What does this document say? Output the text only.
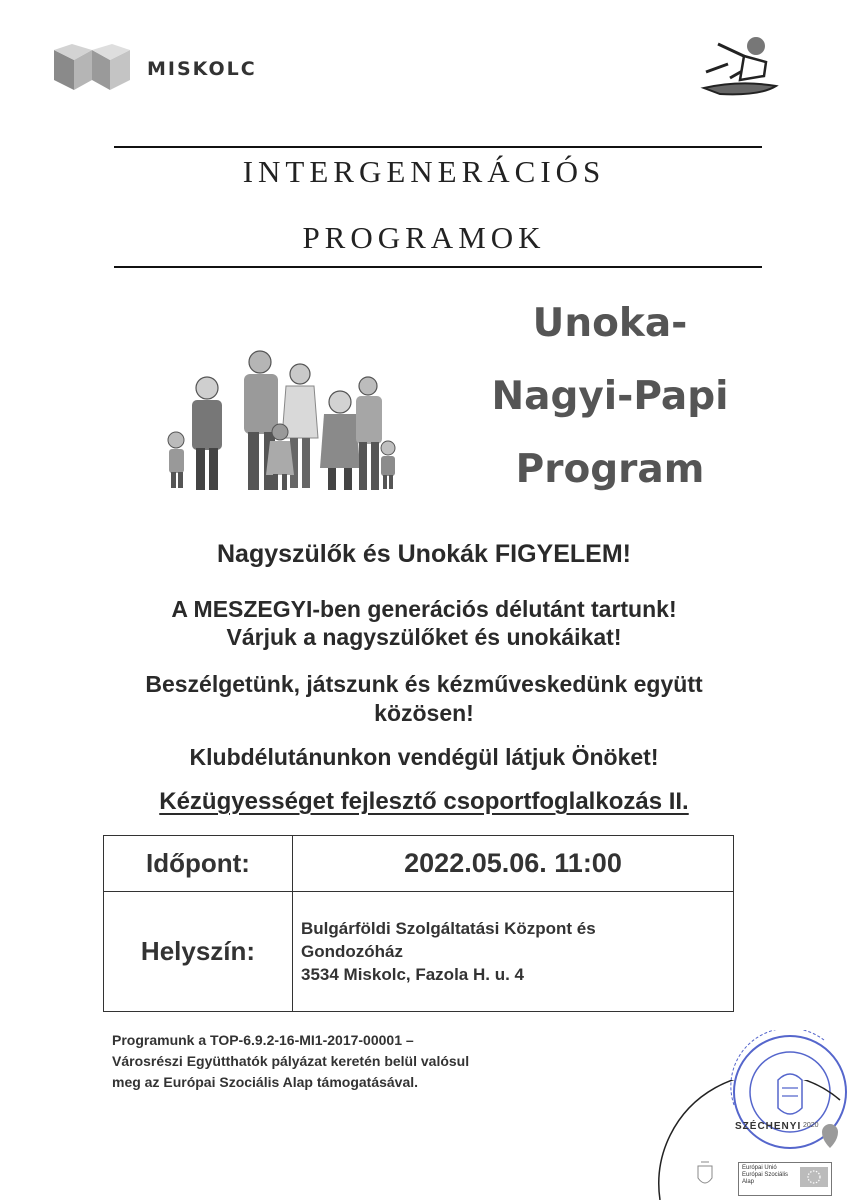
MISKOLC
INTERGENERÁCIÓS
PROGRAMOK
Unoka-
Nagyi-Papi
Program
Nagyszülők és Unokák FIGYELEM!
A MESZEGYI-ben generációs délutánt tartunk!
Várjuk a nagyszülőket és unokáikat!
Beszélgetünk, játszunk és kézműveskedünk együtt
közösen!
Klubdélutánunkon vendégül látjuk Önöket!
Kézügyességet fejlesztő csoportfoglalkozás II.
Időpont:	2022.05.06. 11:00
Helyszín:	Bulgárföldi Szolgáltatási Központ és
Gondozóház
3534 Miskolc, Fazola H. u. 4
Programunk a TOP-6.9.2-16-MI1-2017-00001 –
Városrészi Együtthatók pályázat keretén belül valósul
meg az Európai Szociális Alap támogatásával.
SZÉCHENYI 2020
Európai Unió
Európai Szociális
Alap
